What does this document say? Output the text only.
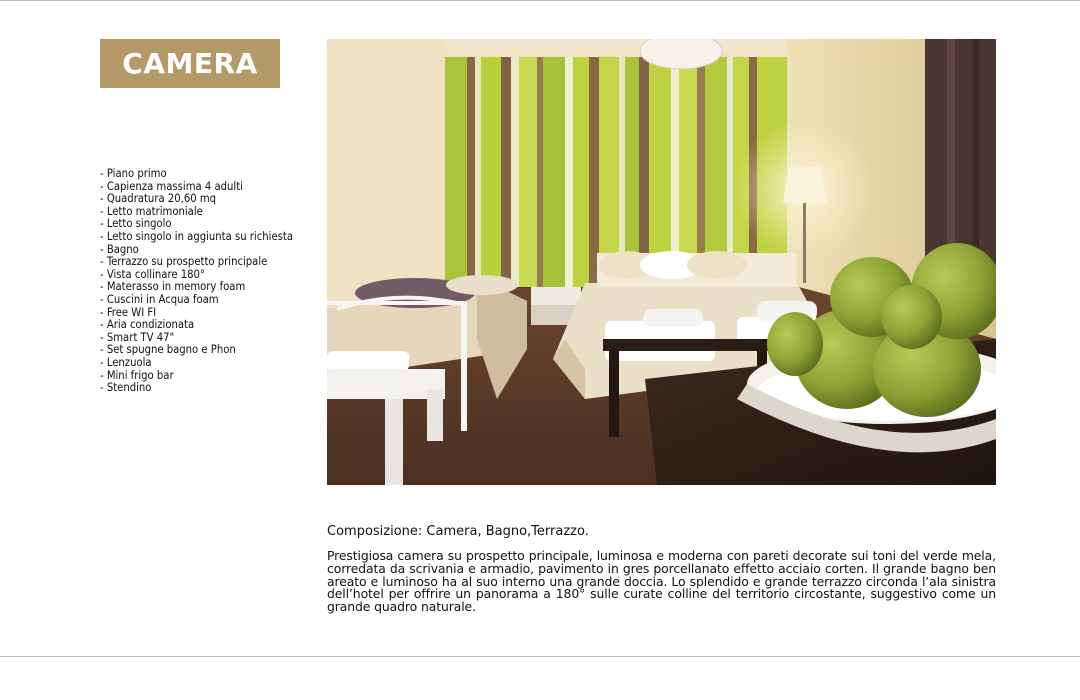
CAMERA 12
- Piano primo
- Capienza massima 4 adulti
- Quadratura 20,60 mq
- Letto matrimoniale
- Letto singolo
- Letto singolo in aggiunta su richiesta
- Bagno
- Terrazzo su prospetto principale
- Vista collinare 180°
- Materasso in memory foam
- Cuscini in Acqua foam
- Free WI FI
- Aria condizionata
- Smart TV 47"
- Set spugne bagno e Phon
- Lenzuola
- Mini frigo bar
- Stendino
Composizione: Camera, Bagno,Terrazzo.

Prestigiosa camera su prospetto principale, luminosa e moderna con pareti decorate sui toni del verde mela, corredata da scrivania e armadio, pavimento in gres porcellanato effetto acciaio corten. Il grande bagno ben areato e luminoso ha al suo interno una grande doccia. Lo splendido e grande terrazzo circonda l’ala sinistra dell’hotel per offrire un panorama a 180° sulle curate colline del territorio circostante, suggestivo come un grande quadro naturale.
